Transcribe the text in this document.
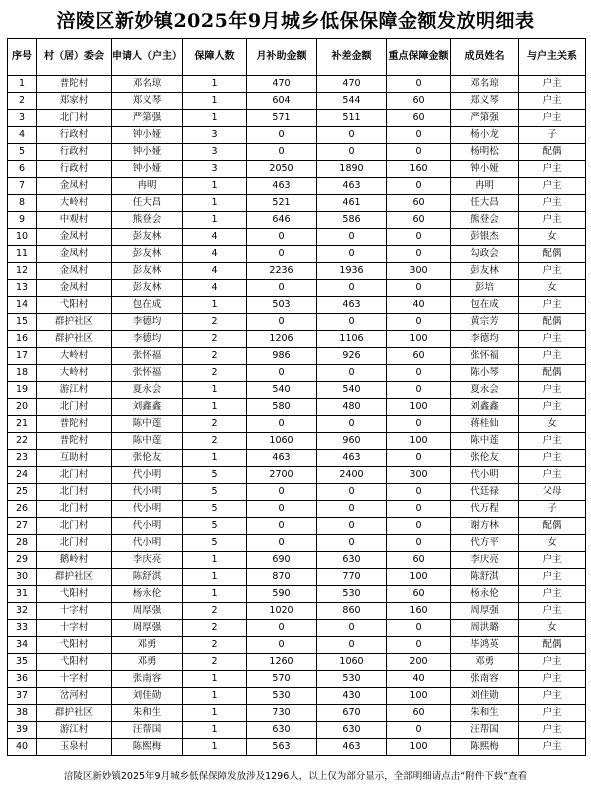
涪陵区新妙镇2025年9月城乡低保保障金额发放明细表
序号	村（居）委会	申请人（户主）	保障人数	月补助金额	补差金额	重点保障金额	成员姓名	与户主关系
1	普陀村	邓名琼	1	470	470	0	邓名琼	户主
2	郑家村	郑义琴	1	604	544	60	郑义琴	户主
3	北门村	严第强	1	571	511	60	严第强	户主
4	行政村	钟小娅	3	0	0	0	杨小龙	子
5	行政村	钟小娅	3	0	0	0	杨明松	配偶
6	行政村	钟小娅	3	2050	1890	160	钟小娅	户主
7	金凤村	冉明	1	463	463	0	冉明	户主
8	大岭村	任大昌	1	521	461	60	任大昌	户主
9	中观村	熊登会	1	646	586	60	熊登会	户主
10	金凤村	彭友林	4	0	0	0	彭银杰	女
11	金凤村	彭友林	4	0	0	0	勾政会	配偶
12	金凤村	彭友林	4	2236	1936	300	彭友林	户主
13	金凤村	彭友林	4	0	0	0	彭培	女
14	弋阳村	包在成	1	503	463	40	包在成	户主
15	群护社区	李德均	2	0	0	0	黄宗芳	配偶
16	群护社区	李德均	2	1206	1106	100	李德均	户主
17	大岭村	张怀福	2	986	926	60	张怀福	户主
18	大岭村	张怀福	2	0	0	0	陈小琴	配偶
19	游江村	夏永会	1	540	540	0	夏永会	户主
20	北门村	刘鑫鑫	1	580	480	100	刘鑫鑫	户主
21	普陀村	陈中莲	2	0	0	0	蒋桂仙	女
22	普陀村	陈中莲	2	1060	960	100	陈中莲	户主
23	互助村	张伦友	1	463	463	0	张伦友	户主
24	北门村	代小明	5	2700	2400	300	代小明	户主
25	北门村	代小明	5	0	0	0	代廷禄	父母
26	北门村	代小明	5	0	0	0	代万程	子
27	北门村	代小明	5	0	0	0	谢方林	配偶
28	北门村	代小明	5	0	0	0	代方平	女
29	鹅岭村	李庆亮	1	690	630	60	李庆亮	户主
30	群护社区	陈舒淇	1	870	770	100	陈舒淇	户主
31	弋阳村	杨永伦	1	590	530	60	杨永伦	户主
32	十字村	周厚强	2	1020	860	160	周厚强	户主
33	十字村	周厚强	2	0	0	0	周洪璐	女
34	弋阳村	邓勇	2	0	0	0	毕鸿英	配偶
35	弋阳村	邓勇	2	1260	1060	200	邓勇	户主
36	十字村	张南容	1	570	530	40	张南容	户主
37	岔河村	刘佳勋	1	530	430	100	刘佳勋	户主
38	群护社区	朱和生	1	730	670	60	朱和生	户主
39	游江村	汪帮国	1	630	630	0	汪帮国	户主
40	玉泉村	陈熙梅	1	563	463	100	陈熙梅	户主
涪陵区新妙镇2025年9月城乡低保保障发放涉及1296人，以上仅为部分显示，全部明细请点击“附件下载”查看
